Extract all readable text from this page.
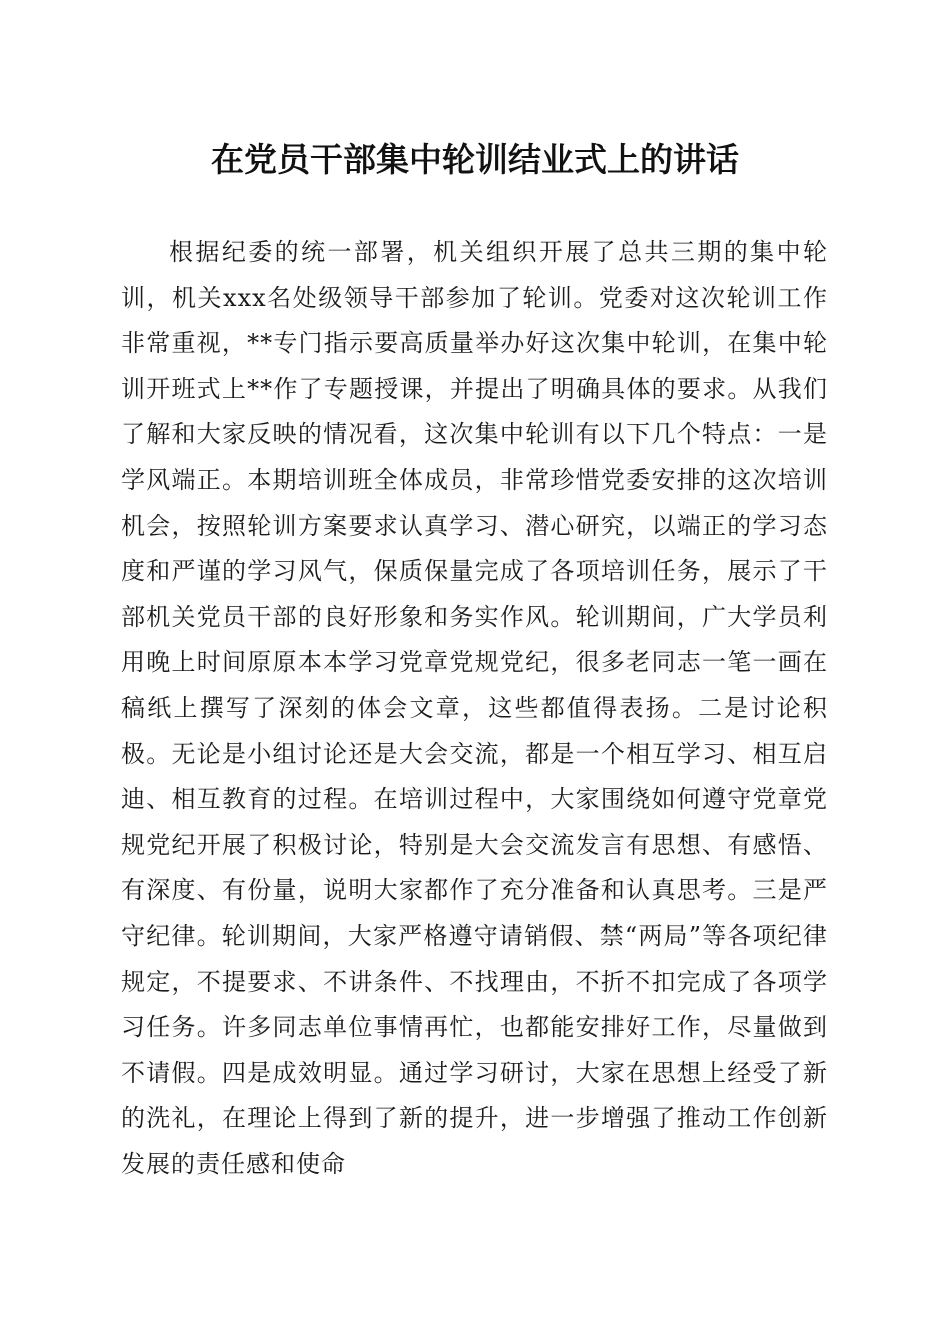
在党员干部集中轮训结业式上的讲话

根据纪委的统一部署，机关组织开展了总共三期的集中轮训，机关xxx名处级领导干部参加了轮训。党委对这次轮训工作非常重视，**专门指示要高质量举办好这次集中轮训，在集中轮训开班式上**作了专题授课，并提出了明确具体的要求。从我们了解和大家反映的情况看，这次集中轮训有以下几个特点：一是学风端正。本期培训班全体成员，非常珍惜党委安排的这次培训机会，按照轮训方案要求认真学习、潜心研究，以端正的学习态度和严谨的学习风气，保质保量完成了各项培训任务，展示了干部机关党员干部的良好形象和务实作风。轮训期间，广大学员利用晚上时间原原本本学习党章党规党纪，很多老同志一笔一画在稿纸上撰写了深刻的体会文章，这些都值得表扬。二是讨论积极。无论是小组讨论还是大会交流，都是一个相互学习、相互启迪、相互教育的过程。在培训过程中，大家围绕如何遵守党章党规党纪开展了积极讨论，特别是大会交流发言有思想、有感悟、有深度、有份量，说明大家都作了充分准备和认真思考。三是严守纪律。轮训期间，大家严格遵守请销假、禁“两局”等各项纪律规定，不提要求、不讲条件、不找理由，不折不扣完成了各项学习任务。许多同志单位事情再忙，也都能安排好工作，尽量做到不请假。四是成效明显。通过学习研讨，大家在思想上经受了新的洗礼，在理论上得到了新的提升，进一步增强了推动工作创新发展的责任感和使命
